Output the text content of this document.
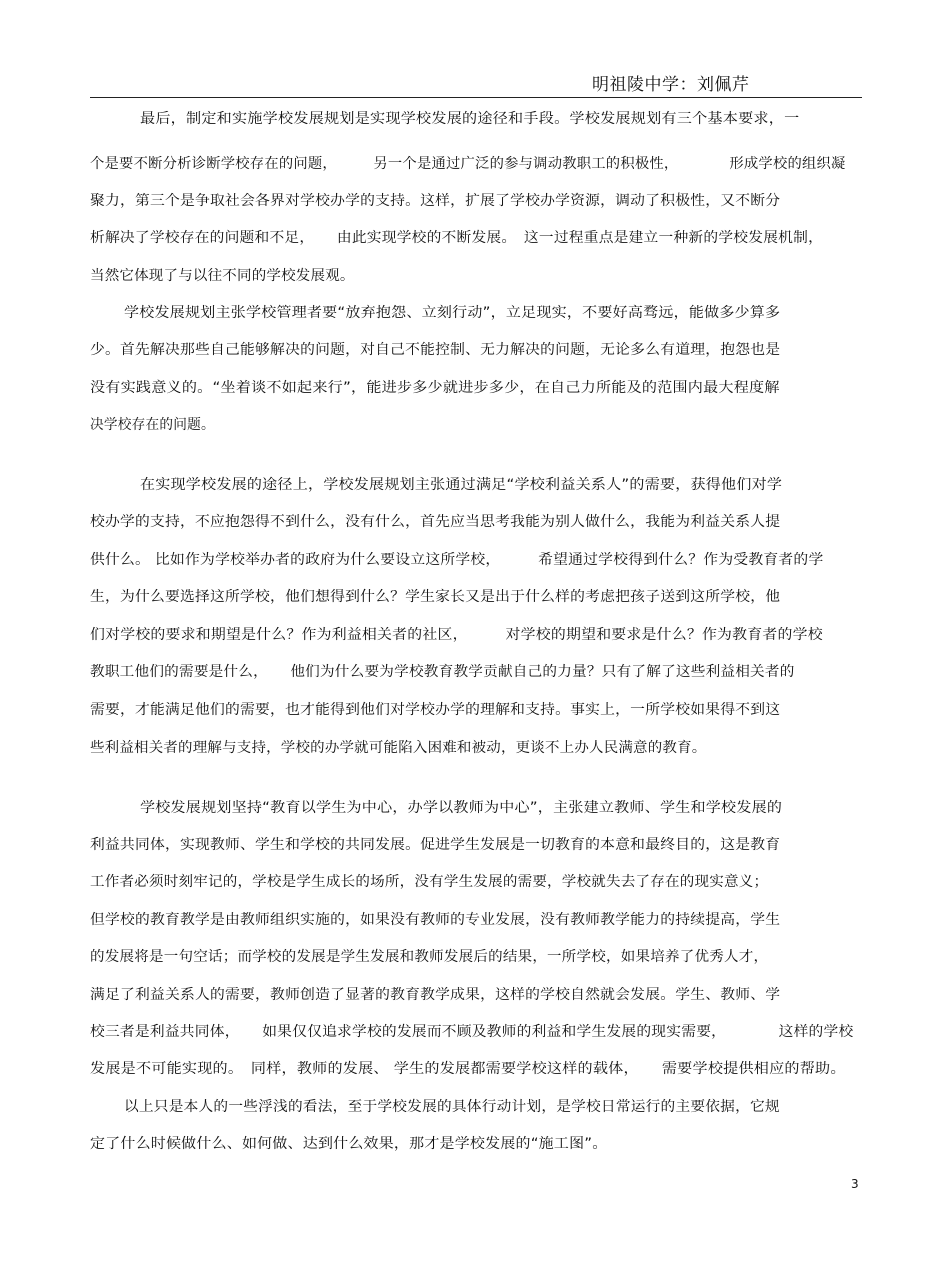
明祖陵中学：刘佩芹
最后，制定和实施学校发展规划是实现学校发展的途径和手段。学校发展规划有三个基本要求，一
个是要不断分析诊断学校存在的问题，　　　另一个是通过广泛的参与调动教职工的积极性，　　　　形成学校的组织凝
聚力，第三个是争取社会各界对学校办学的支持。这样，扩展了学校办学资源，调动了积极性，又不断分
析解决了学校存在的问题和不足，　　由此实现学校的不断发展。　这一过程重点是建立一种新的学校发展机制，
当然它体现了与以往不同的学校发展观。
学校发展规划主张学校管理者要“放弃抱怨、立刻行动”，立足现实，不要好高骛远，能做多少算多
少。首先解决那些自己能够解决的问题，对自己不能控制、无力解决的问题，无论多么有道理，抱怨也是
没有实践意义的。“坐着谈不如起来行”，能进步多少就进步多少，在自己力所能及的范围内最大程度解
决学校存在的问题。
在实现学校发展的途径上，学校发展规划主张通过满足“学校利益关系人”的需要，获得他们对学
校办学的支持，不应抱怨得不到什么，没有什么，首先应当思考我能为别人做什么，我能为利益关系人提
供什么。 比如作为学校举办者的政府为什么要设立这所学校，　　　希望通过学校得到什么？作为受教育者的学
生，为什么要选择这所学校，他们想得到什么？学生家长又是出于什么样的考虑把孩子送到这所学校，他
们对学校的要求和期望是什么？作为利益相关者的社区，　　　对学校的期望和要求是什么？作为教育者的学校
教职工他们的需要是什么，　　他们为什么要为学校教育教学贡献自己的力量？只有了解了这些利益相关者的
需要，才能满足他们的需要，也才能得到他们对学校办学的理解和支持。事实上，一所学校如果得不到这
些利益相关者的理解与支持，学校的办学就可能陷入困难和被动，更谈不上办人民满意的教育。
学校发展规划坚持“教育以学生为中心，办学以教师为中心”，主张建立教师、学生和学校发展的
利益共同体，实现教师、学生和学校的共同发展。促进学生发展是一切教育的本意和最终目的，这是教育
工作者必须时刻牢记的，学校是学生成长的场所，没有学生发展的需要，学校就失去了存在的现实意义；
但学校的教育教学是由教师组织实施的，如果没有教师的专业发展，没有教师教学能力的持续提高，学生
的发展将是一句空话；而学校的发展是学生发展和教师发展后的结果，一所学校，如果培养了优秀人才，
满足了利益关系人的需要，教师创造了显著的教育教学成果，这样的学校自然就会发展。学生、教师、学
校三者是利益共同体，　　如果仅仅追求学校的发展而不顾及教师的利益和学生发展的现实需要，　　　　这样的学校
发展是不可能实现的。　同样，教师的发展、 学生的发展都需要学校这样的载体，　　需要学校提供相应的帮助。
以上只是本人的一些浮浅的看法，至于学校发展的具体行动计划，是学校日常运行的主要依据，它规
定了什么时候做什么、如何做、达到什么效果，那才是学校发展的“施工图”。
3
